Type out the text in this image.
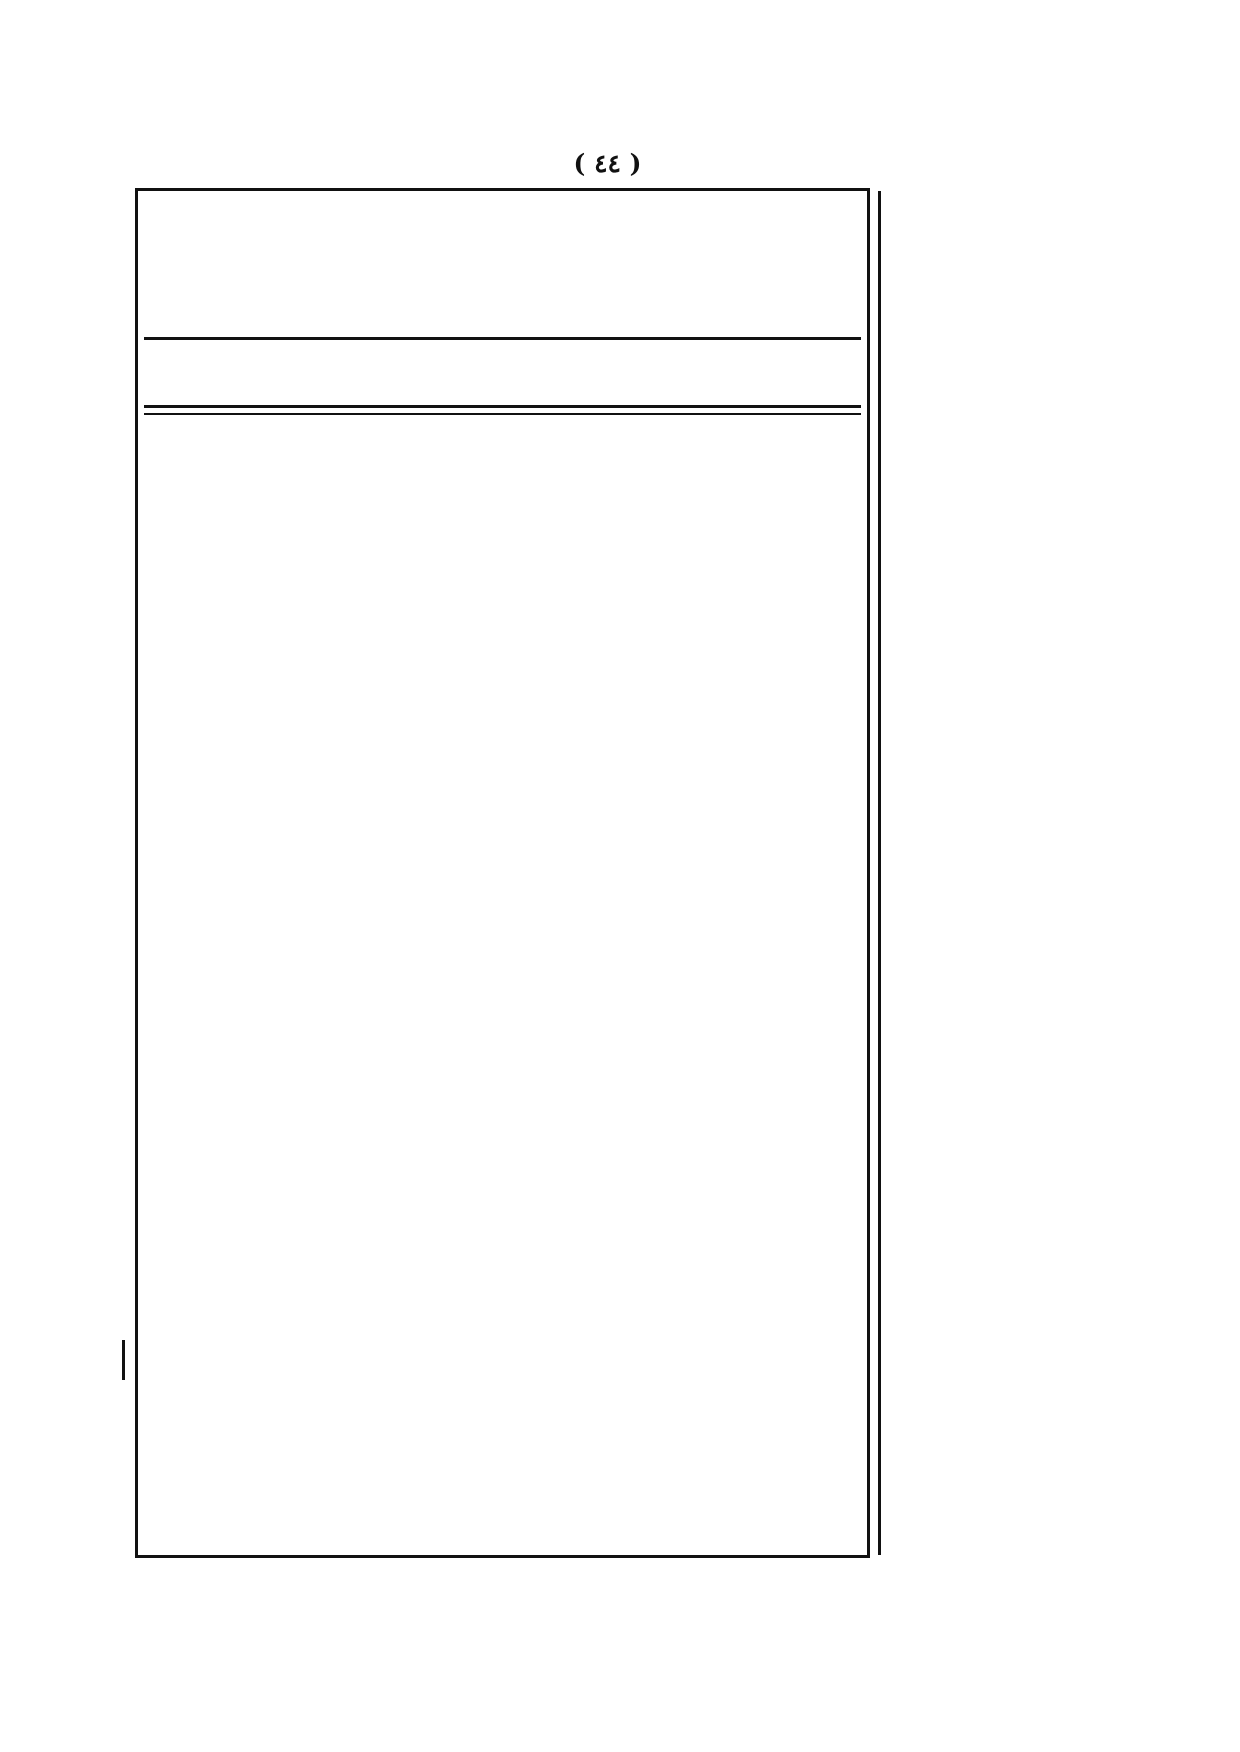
( ٤٤ )
